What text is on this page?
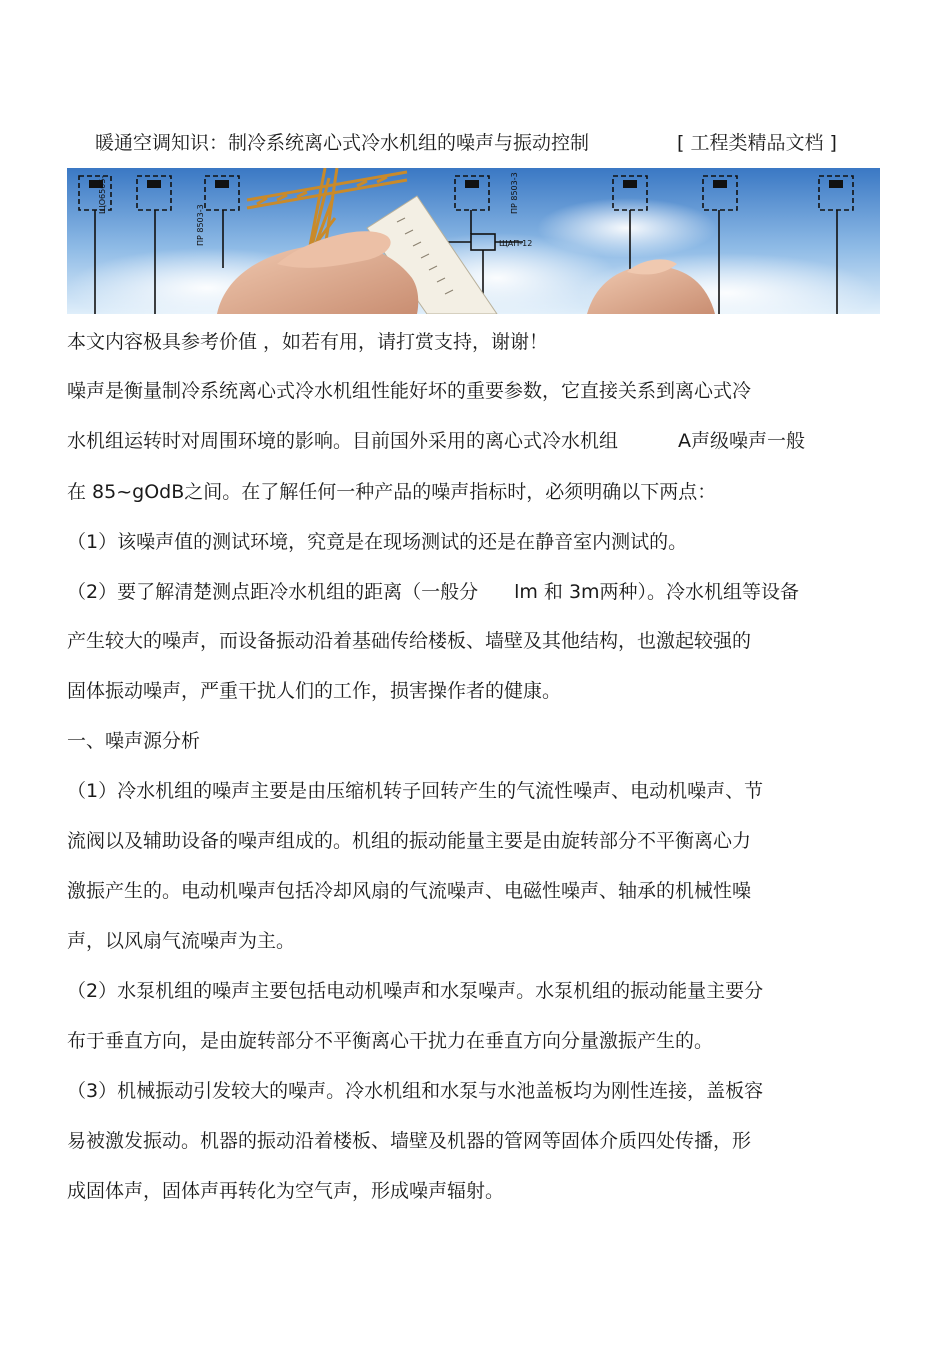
暖通空调知识：制冷系统离心式冷水机组的噪声与振动控制	[ 工程类精品文档 ]
ЩО6505-
ПР 8503-3	ЩАП-12
ПР 8503-3
本文内容极具参考价值 ，如若有用，请打赏支持，谢谢！
噪声是衡量制冷系统离心式冷水机组性能好坏的重要参数，它直接关系到离心式冷
水机组运转时对周围环境的影响。目前国外采用的离心式冷水机组	A声级噪声一般
在 85~gOdB之间。在了解任何一种产品的噪声指标时，必须明确以下两点：
（1）该噪声值的测试环境，究竟是在现场测试的还是在静音室内测试的。
（2）要了解清楚测点距冷水机组的距离（一般分 lm 和 3m两种）。冷水机组等设备
产生较大的噪声，而设备振动沿着基础传给楼板、墙壁及其他结构，也激起较强的
固体振动噪声，严重干扰人们的工作，损害操作者的健康。
一、噪声源分析
（1）冷水机组的噪声主要是由压缩机转子回转产生的气流性噪声、电动机噪声、节
流阀以及辅助设备的噪声组成的。机组的振动能量主要是由旋转部分不平衡离心力
激振产生的。电动机噪声包括冷却风扇的气流噪声、电磁性噪声、轴承的机械性噪
声，以风扇气流噪声为主。
（2）水泵机组的噪声主要包括电动机噪声和水泵噪声。水泵机组的振动能量主要分
布于垂直方向，是由旋转部分不平衡离心干扰力在垂直方向分量激振产生的。
（3）机械振动引发较大的噪声。冷水机组和水泵与水池盖板均为刚性连接，盖板容
易被激发振动。机器的振动沿着楼板、墙壁及机器的管网等固体介质四处传播，形
成固体声，固体声再转化为空气声，形成噪声辐射。
